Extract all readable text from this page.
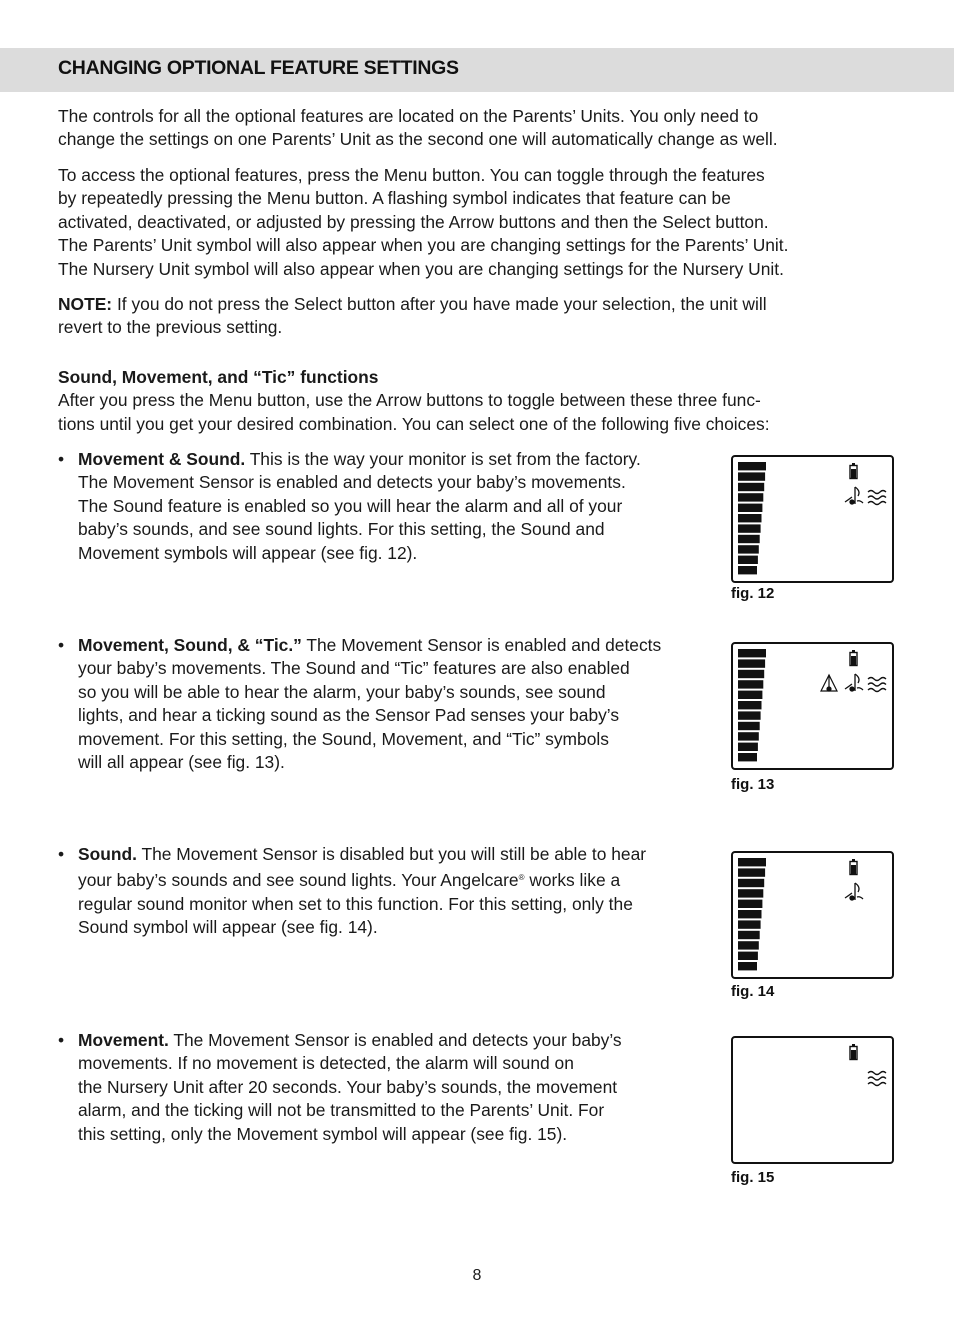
CHANGING OPTIONAL FEATURE SETTINGS

The controls for all the optional features are located on the Parents’ Units. You only need to
change the settings on one Parents’ Unit as the second one will automatically change as well.

To access the optional features, press the Menu button. You can toggle through the features
by repeatedly pressing the Menu button. A flashing symbol indicates that feature can be
activated, deactivated, or adjusted by pressing the Arrow buttons and then the Select button.
The Parents’ Unit symbol will also appear when you are changing settings for the Parents’ Unit.
The Nursery Unit symbol will also appear when you are changing settings for the Nursery Unit.

NOTE: If you do not press the Select button after you have made your selection, the unit will
revert to the previous setting.

Sound, Movement, and “Tic” functions
After you press the Menu button, use the Arrow buttons to toggle between these three func-
tions until you get your desired combination. You can select one of the following five choices:

• Movement & Sound. This is the way your monitor is set from the factory.
The Movement Sensor is enabled and detects your baby’s movements.
The Sound feature is enabled so you will hear the alarm and all of your
baby’s sounds, and see sound lights. For this setting, the Sound and
Movement symbols will appear (see fig. 12).
• Movement, Sound, & “Tic.” The Movement Sensor is enabled and detects
your baby’s movements. The Sound and “Tic” features are also enabled
so you will be able to hear the alarm, your baby’s sounds, see sound
lights, and hear a ticking sound as the Sensor Pad senses your baby’s
movement. For this setting, the Sound, Movement, and “Tic” symbols
will all appear (see fig. 13).
• Sound. The Movement Sensor is disabled but you will still be able to hear
your baby’s sounds and see sound lights. Your Angelcare® works like a
regular sound monitor when set to this function. For this setting, only the
Sound symbol will appear (see fig. 14).
• Movement. The Movement Sensor is enabled and detects your baby’s
movements. If no movement is detected, the alarm will sound on
the Nursery Unit after 20 seconds. Your baby’s sounds, the movement
alarm, and the ticking will not be transmitted to the Parents’ Unit. For
this setting, only the Movement symbol will appear (see fig. 15).
fig. 12
fig. 13
fig. 14
fig. 15
8
